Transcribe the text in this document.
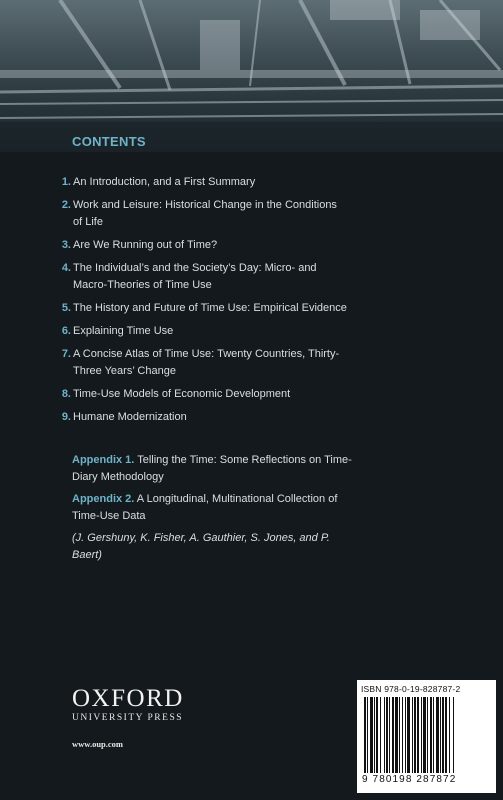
CONTENTS
1. An Introduction, and a First Summary
2. Work and Leisure: Historical Change in the Conditions of Life
3. Are We Running out of Time?
4. The Individual’s and the Society’s Day: Micro- and Macro-Theories of Time Use
5. The History and Future of Time Use: Empirical Evidence
6. Explaining Time Use
7. A Concise Atlas of Time Use: Twenty Countries, Thirty-Three Years’ Change
8. Time-Use Models of Economic Development
9. Humane Modernization
Appendix 1. Telling the Time: Some Reflections on Time-Diary Methodology
Appendix 2. A Longitudinal, Multinational Collection of Time-Use Data
(J. Gershuny, K. Fisher, A. Gauthier, S. Jones, and P. Baert)
OXFORD
UNIVERSITY PRESS
www.oup.com
ISBN 978-0-19-828787-2
9 780198 287872
